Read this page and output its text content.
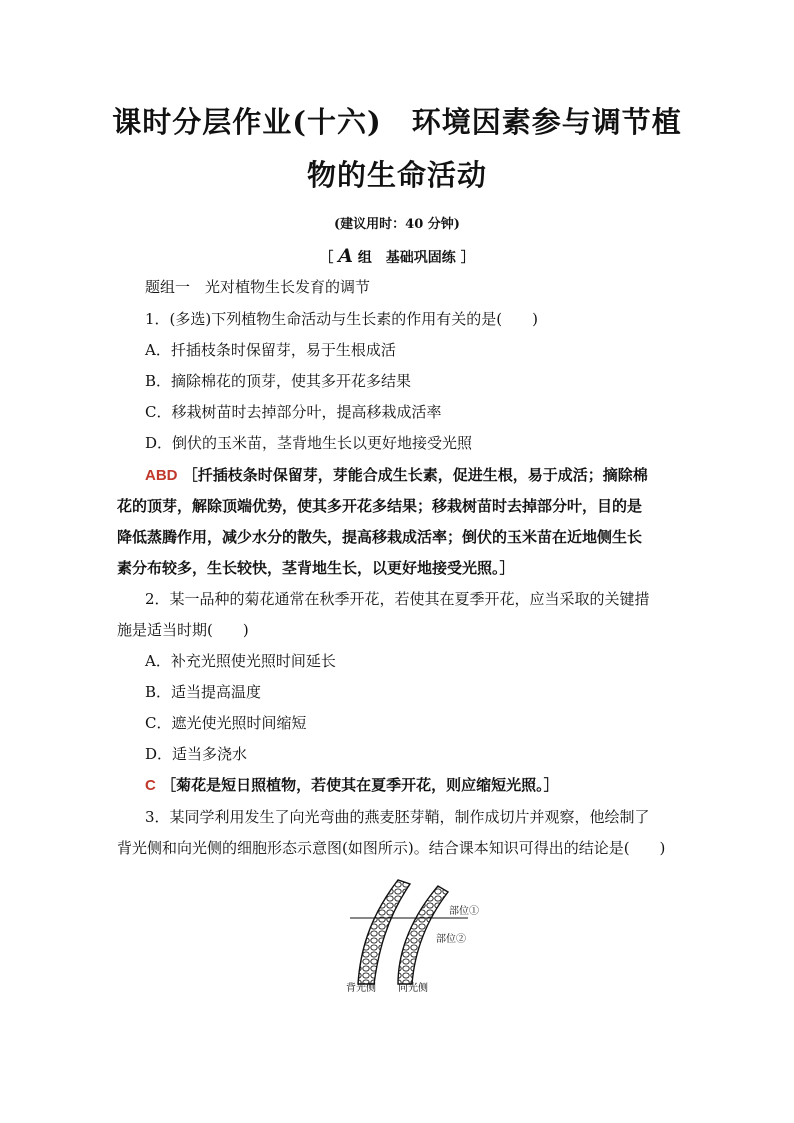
课时分层作业(十六)　环境因素参与调节植
物的生命活动
(建议用时：40 分钟)
［ A 组　基础巩固练 ］
题组一　光对植物生长发育的调节
1．(多选)下列植物生命活动与生长素的作用有关的是(　　)
A．扦插枝条时保留芽，易于生根成活
B．摘除棉花的顶芽，使其多开花多结果
C．移栽树苗时去掉部分叶，提高移栽成活率
D．倒伏的玉米苗，茎背地生长以更好地接受光照
ABD ［扦插枝条时保留芽，芽能合成生长素，促进生根，易于成活；摘除棉
花的顶芽，解除顶端优势，使其多开花多结果；移栽树苗时去掉部分叶，目的是
降低蒸腾作用，减少水分的散失，提高移栽成活率；倒伏的玉米苗在近地侧生长
素分布较多，生长较快，茎背地生长，以更好地接受光照。］
2．某一品种的菊花通常在秋季开花，若使其在夏季开花，应当采取的关键措
施是适当时期(　　)
A．补充光照使光照时间延长
B．适当提高温度
C．遮光使光照时间缩短
D．适当多浇水
C ［菊花是短日照植物，若使其在夏季开花，则应缩短光照。］
3．某同学利用发生了向光弯曲的燕麦胚芽鞘，制作成切片并观察，他绘制了
背光侧和向光侧的细胞形态示意图(如图所示)。结合课本知识可得出的结论是(　　)
部位①
部位②
背光侧 向光侧
